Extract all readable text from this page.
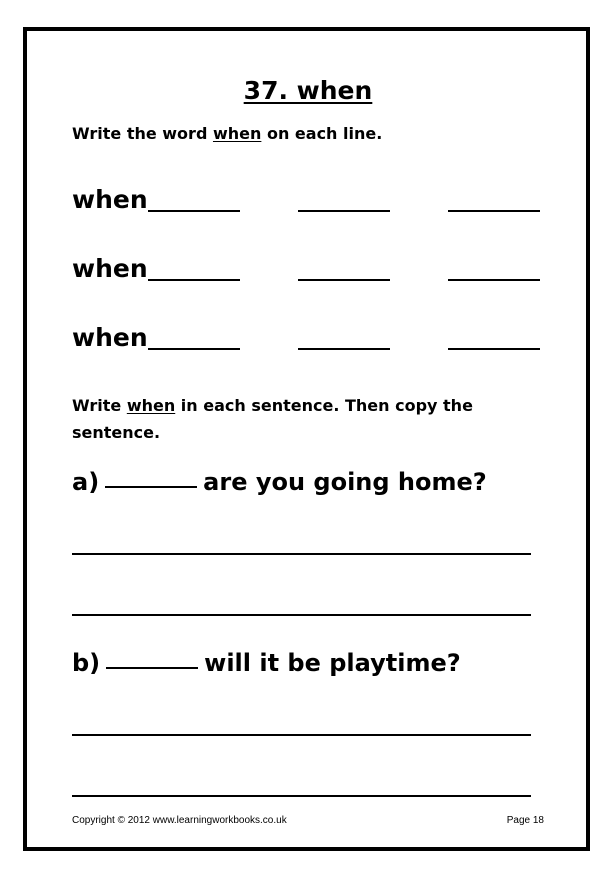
37. when
Write the word when on each line.
when
when
when
Write when in each sentence. Then copy the
sentence.
a)	are you going home?
b)	will it be playtime?
Copyright © 2012 www.learningworkbooks.co.uk	Page 18
